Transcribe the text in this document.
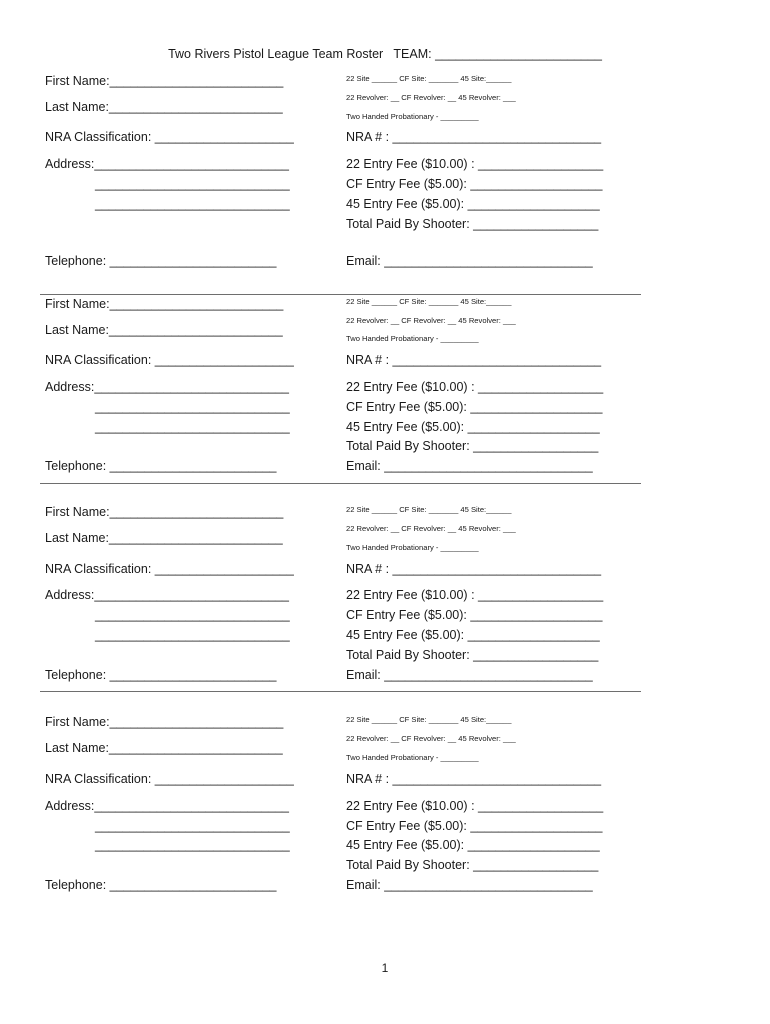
Two Rivers Pistol League Team Roster   TEAM: ________________________
First Name:_________________________
Last Name:_________________________
NRA Classification: ____________________
Address:____________________________
____________________________
____________________________
Telephone: ________________________
22 Site ______ CF Site: _______ 45 Site:______
22 Revolver: __ CF Revolver: __ 45 Revolver: ___
Two Handed Probationary - _________
NRA # : ______________________________
22 Entry Fee ($10.00) : __________________
CF Entry Fee ($5.00): ___________________
45 Entry Fee ($5.00): ___________________
Total Paid By Shooter: __________________
Email: ______________________________
First Name:_________________________
Last Name:_________________________
NRA Classification: ____________________
Address:____________________________
____________________________
____________________________
Telephone: ________________________
22 Site ______ CF Site: _______ 45 Site:______
22 Revolver: __ CF Revolver: __ 45 Revolver: ___
Two Handed Probationary - _________
NRA # : ______________________________
22 Entry Fee ($10.00) : __________________
CF Entry Fee ($5.00): ___________________
45 Entry Fee ($5.00): ___________________
Total Paid By Shooter: __________________
Email: ______________________________
First Name:_________________________
Last Name:_________________________
NRA Classification: ____________________
Address:____________________________
____________________________
____________________________
Telephone: ________________________
22 Site ______ CF Site: _______ 45 Site:______
22 Revolver: __ CF Revolver: __ 45 Revolver: ___
Two Handed Probationary - _________
NRA # : ______________________________
22 Entry Fee ($10.00) : __________________
CF Entry Fee ($5.00): ___________________
45 Entry Fee ($5.00): ___________________
Total Paid By Shooter: __________________
Email: ______________________________
First Name:_________________________
Last Name:_________________________
NRA Classification: ____________________
Address:____________________________
____________________________
____________________________
Telephone: ________________________
22 Site ______ CF Site: _______ 45 Site:______
22 Revolver: __ CF Revolver: __ 45 Revolver: ___
Two Handed Probationary - _________
NRA # : ______________________________
22 Entry Fee ($10.00) : __________________
CF Entry Fee ($5.00): ___________________
45 Entry Fee ($5.00): ___________________
Total Paid By Shooter: __________________
Email: ______________________________
1
